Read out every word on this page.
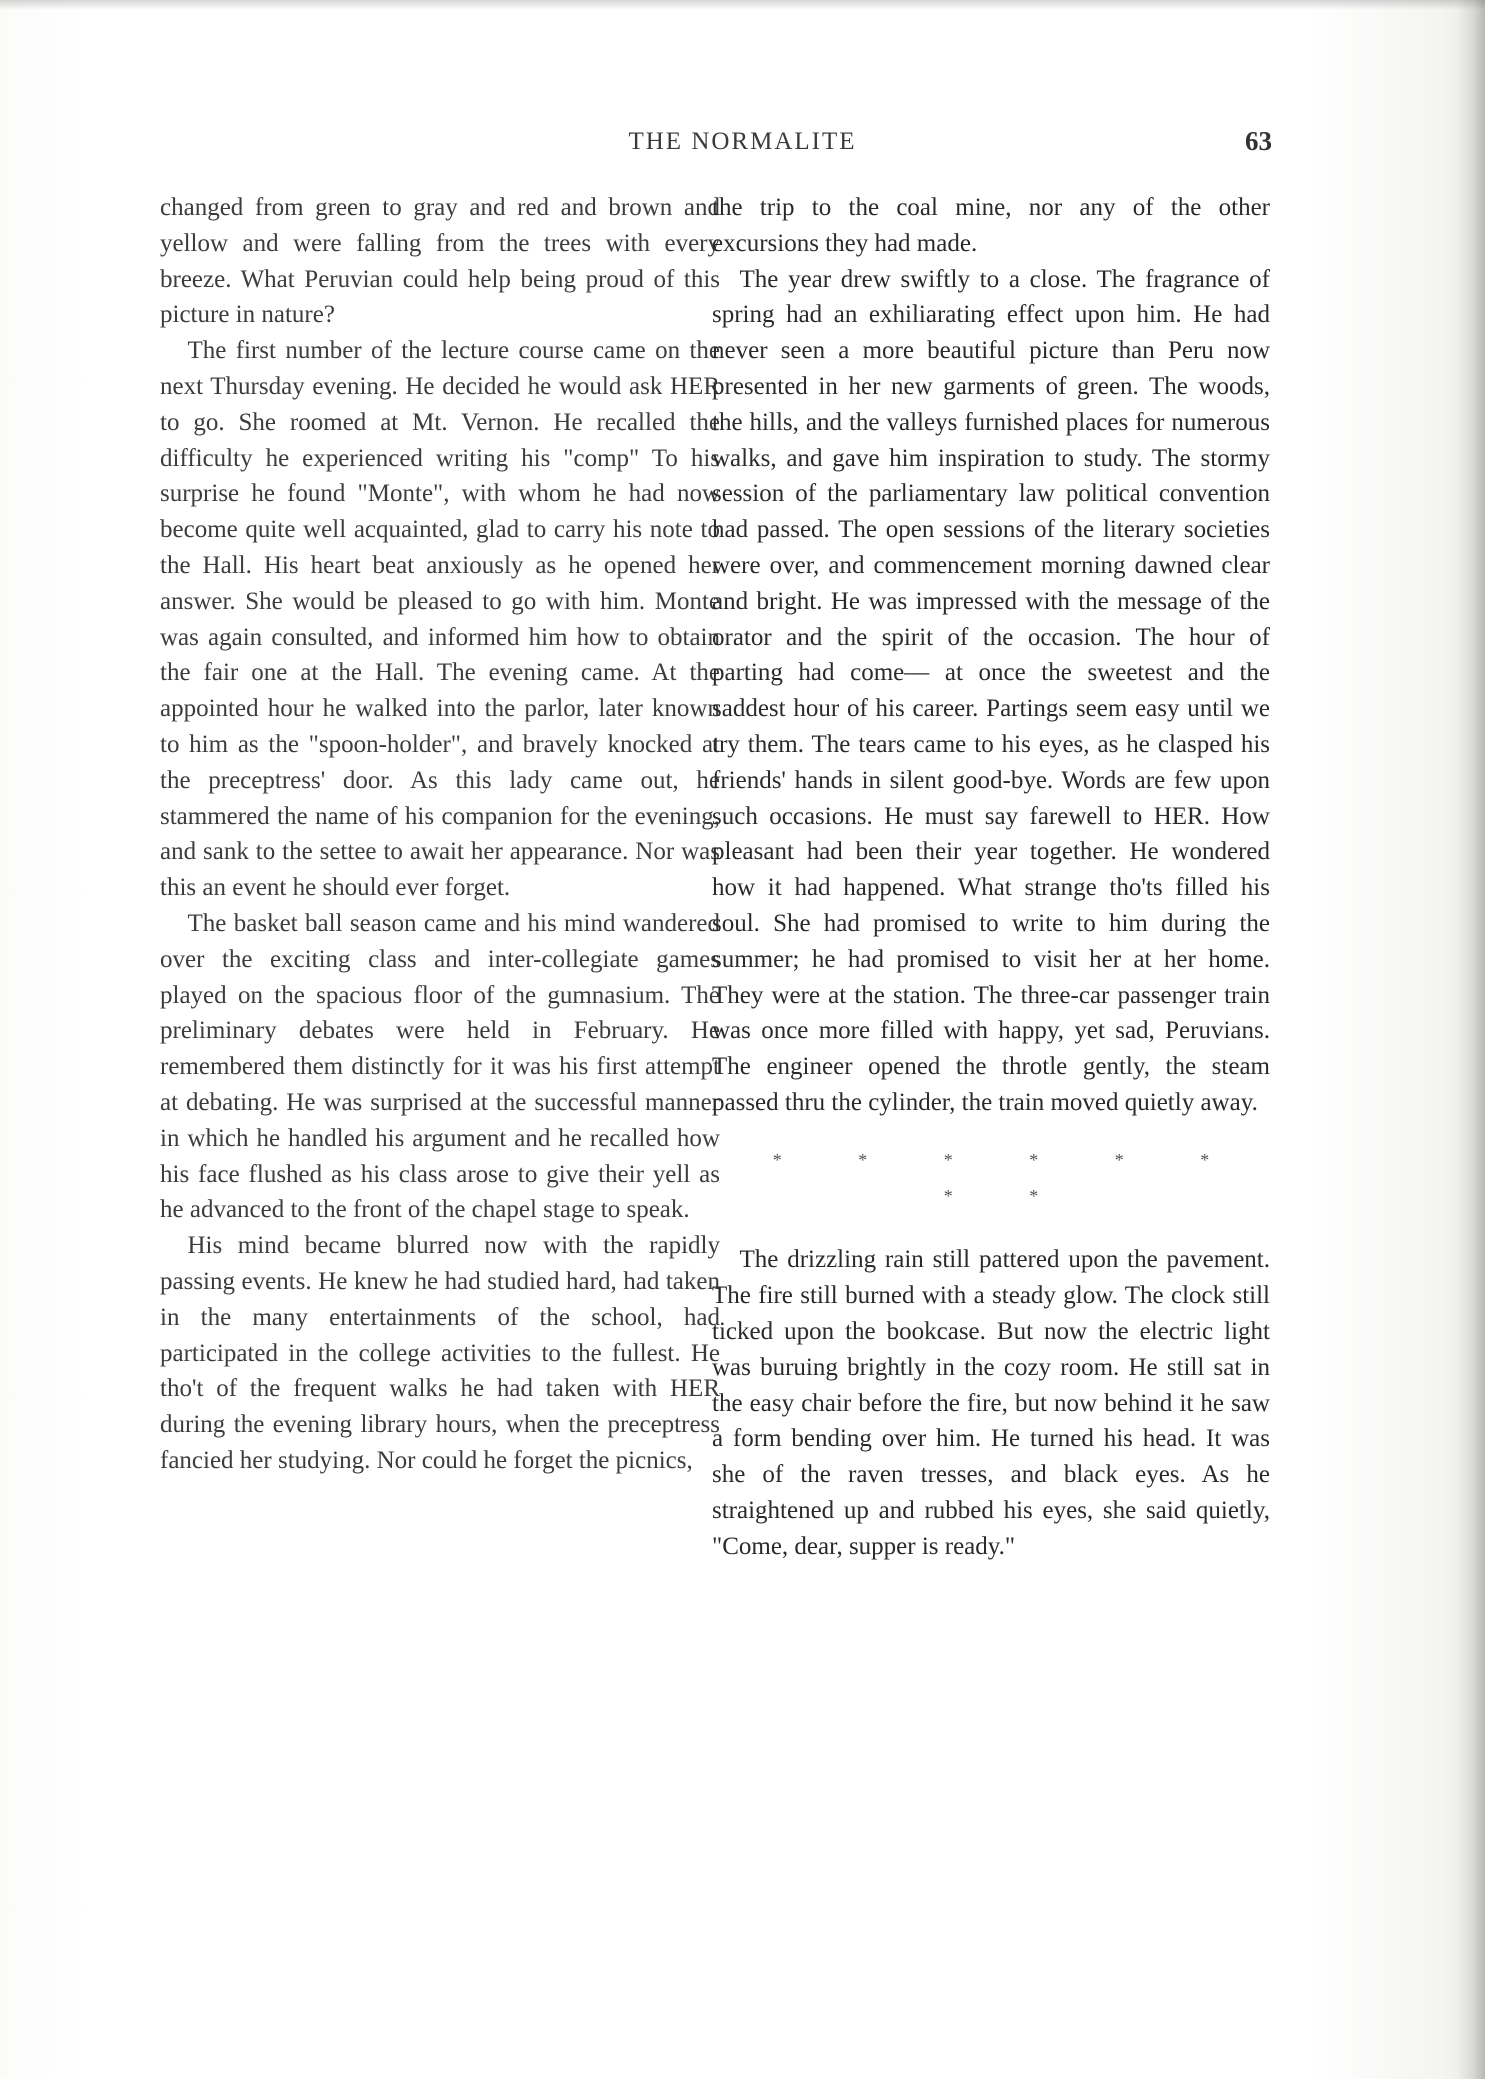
THE NORMALITE	63

changed from green to gray and red and brown and yellow and were falling from the trees with every breeze. What Peruvian could help being proud of this picture in nature?

The first number of the lecture course came on the next Thursday evening. He decided he would ask HER to go. She roomed at Mt. Vernon. He recalled the difficulty he experienced writing his "comp" To his surprise he found "Monte", with whom he had now become quite well acquainted, glad to carry his note to the Hall. His heart beat anxiously as he opened her answer. She would be pleased to go with him. Monte was again consulted, and informed him how to obtain the fair one at the Hall. The evening came. At the appointed hour he walked into the parlor, later known to him as the "spoon-holder", and bravely knocked at the preceptress' door. As this lady came out, he stammered the name of his companion for the evening, and sank to the settee to await her appearance. Nor was this an event he should ever forget.

The basket ball season came and his mind wandered over the exciting class and inter-collegiate games played on the spacious floor of the gumnasium. The preliminary debates were held in February. He remembered them distinctly for it was his first attempt at debating. He was surprised at the successful manner in which he handled his argument and he recalled how his face flushed as his class arose to give their yell as he advanced to the front of the chapel stage to speak.

His mind became blurred now with the rapidly passing events. He knew he had studied hard, had taken in the many entertainments of the school, had participated in the college activities to the fullest. He tho't of the frequent walks he had taken with HER during the evening library hours, when the preceptress fancied her studying. Nor could he forget the picnics,

the trip to the coal mine, nor any of the other excursions they had made.

The year drew swiftly to a close. The fragrance of spring had an exhiliarating effect upon him. He had never seen a more beautiful picture than Peru now presented in her new garments of green. The woods, the hills, and the valleys furnished places for numerous walks, and gave him inspiration to study. The stormy session of the parliamentary law political convention had passed. The open sessions of the literary societies were over, and commencement morning dawned clear and bright. He was impressed with the message of the orator and the spirit of the occasion. The hour of parting had come— at once the sweetest and the saddest hour of his career. Partings seem easy until we try them. The tears came to his eyes, as he clasped his friends' hands in silent good-bye. Words are few upon such occasions. He must say farewell to HER. How pleasant had been their year together. He wondered how it had happened. What strange tho'ts filled his soul. She had promised to write to him during the summer; he had promised to visit her at her home. They were at the station. The three-car passenger train was once more filled with happy, yet sad, Peruvians. The engineer opened the throtle gently, the steam passed thru the cylinder, the train moved quietly away.

* * * * * * * *

The drizzling rain still pattered upon the pavement. The fire still burned with a steady glow. The clock still ticked upon the bookcase. But now the electric light was buruing brightly in the cozy room. He still sat in the easy chair before the fire, but now behind it he saw a form bending over him. He turned his head. It was she of the raven tresses, and black eyes. As he straightened up and rubbed his eyes, she said quietly, "Come, dear, supper is ready."
